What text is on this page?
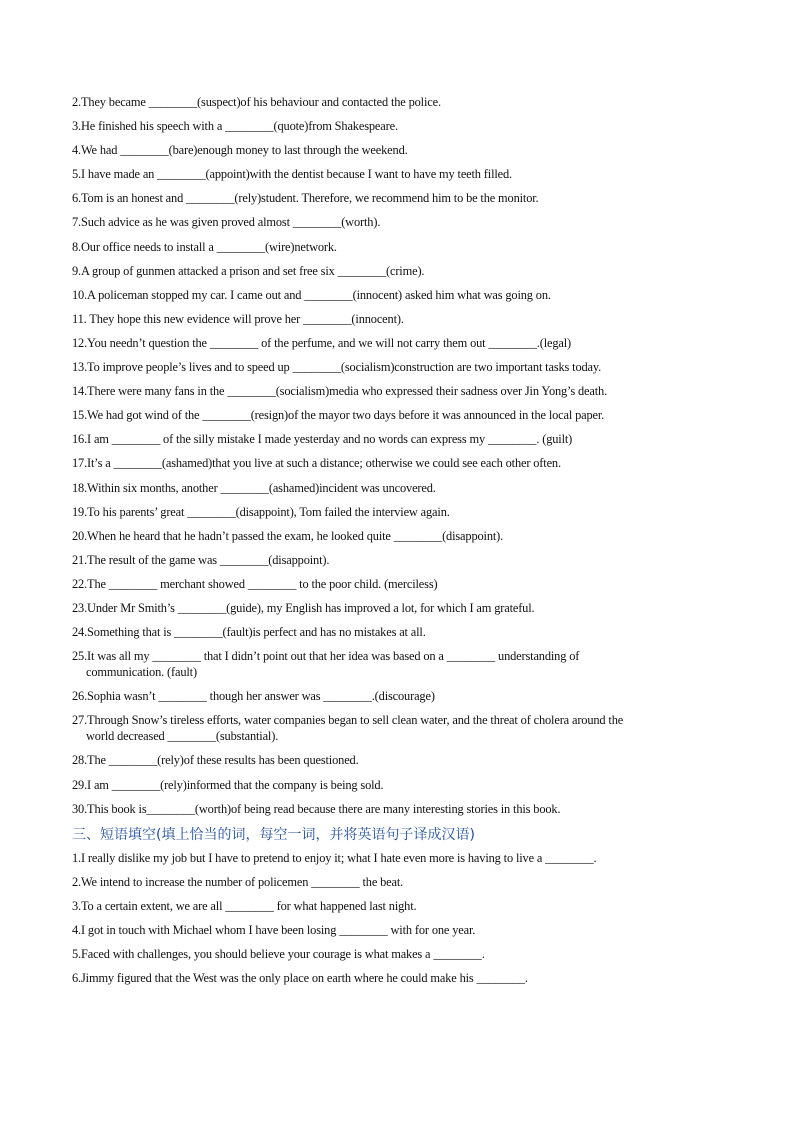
2.They became ________(suspect)of his behaviour and contacted the police.
3.He finished his speech with a ________(quote)from Shakespeare.
4.We had ________(bare)enough money to last through the weekend.
5.I have made an ________(appoint)with the dentist because I want to have my teeth filled.
6.Tom is an honest and ________(rely)student. Therefore, we recommend him to be the monitor.
7.Such advice as he was given proved almost ________(worth).
8.Our office needs to install a ________(wire)network.
9.A group of gunmen attacked a prison and set free six ________(crime).
10.A policeman stopped my car. I came out and ________(innocent) asked him what was going on.
11. They hope this new evidence will prove her ________(innocent).
12.You needn’t question the ________ of the perfume, and we will not carry them out ________.(legal)
13.To improve people’s lives and to speed up ________(socialism)construction are two important tasks today.
14.There were many fans in the ________(socialism)media who expressed their sadness over Jin Yong’s death.
15.We had got wind of the ________(resign)of the mayor two days before it was announced in the local paper.
16.I am ________ of the silly mistake I made yesterday and no words can express my ________. (guilt)
17.It’s a ________(ashamed)that you live at such a distance; otherwise we could see each other often.
18.Within six months, another ________(ashamed)incident was uncovered.
19.To his parents’ great ________(disappoint), Tom failed the interview again.
20.When he heard that he hadn’t passed the exam, he looked quite ________(disappoint).
21.The result of the game was ________(disappoint).
22.The ________ merchant showed ________ to the poor child. (merciless)
23.Under Mr Smith’s ________(guide), my English has improved a lot, for which I am grateful.
24.Something that is ________(fault)is perfect and has no mistakes at all.
25.It was all my ________ that I didn’t point out that her idea was based on a ________ understanding of
communication. (fault)
26.Sophia wasn’t ________ though her answer was ________.(discourage)
27.Through Snow’s tireless efforts, water companies began to sell clean water, and the threat of cholera around the
world decreased ________(substantial).
28.The ________(rely)of these results has been questioned.
29.I am ________(rely)informed that the company is being sold.
30.This book is________(worth)of being read because there are many interesting stories in this book.
三、短语填空(填上恰当的词，每空一词，并将英语句子译成汉语)
1.I really dislike my job but I have to pretend to enjoy it; what I hate even more is having to live a ________.
2.We intend to increase the number of policemen ________ the beat.
3.To a certain extent, we are all ________ for what happened last night.
4.I got in touch with Michael whom I have been losing ________ with for one year.
5.Faced with challenges, you should believe your courage is what makes a ________.
6.Jimmy figured that the West was the only place on earth where he could make his ________.
